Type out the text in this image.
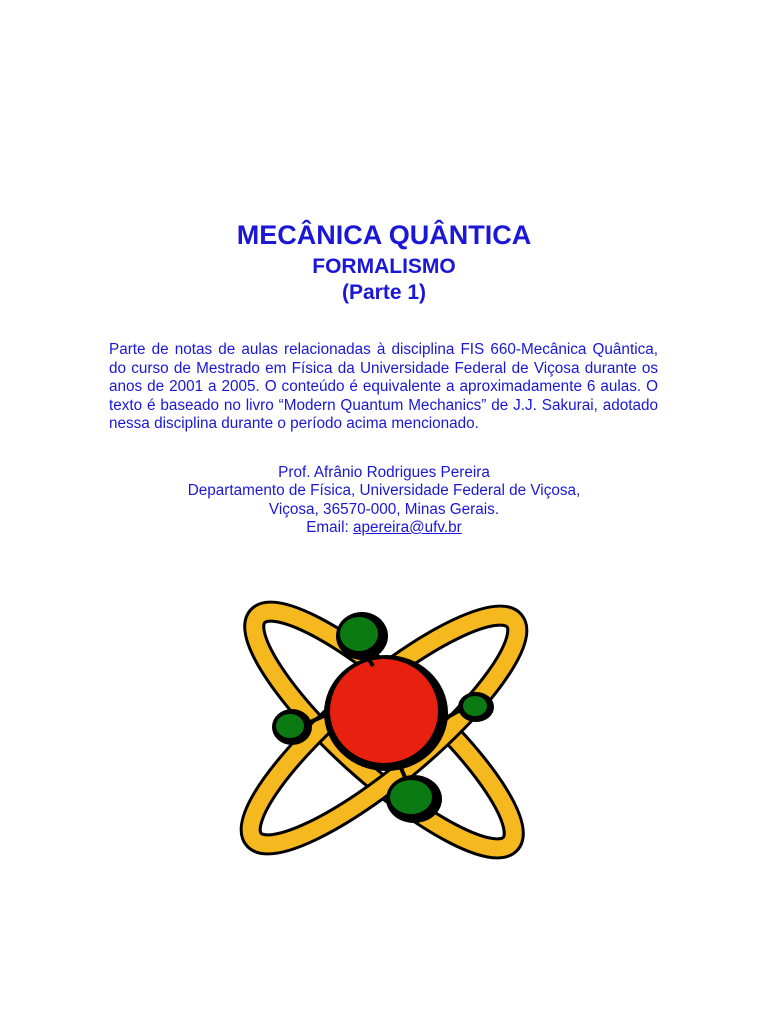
MECÂNICA QUÂNTICA
FORMALISMO
(Parte 1)

Parte de notas de aulas relacionadas à disciplina FIS 660-Mecânica Quântica, do curso de Mestrado em Física da Universidade Federal de Viçosa durante os anos de 2001 a 2005. O conteúdo é equivalente a aproximadamente 6 aulas. O texto é baseado no livro “Modern Quantum Mechanics” de J.J. Sakurai, adotado nessa disciplina durante o período acima mencionado.

Prof. Afrânio Rodrigues Pereira
Departamento de Física, Universidade Federal de Viçosa,
Viçosa, 36570-000, Minas Gerais.
Email: apereira@ufv.br
